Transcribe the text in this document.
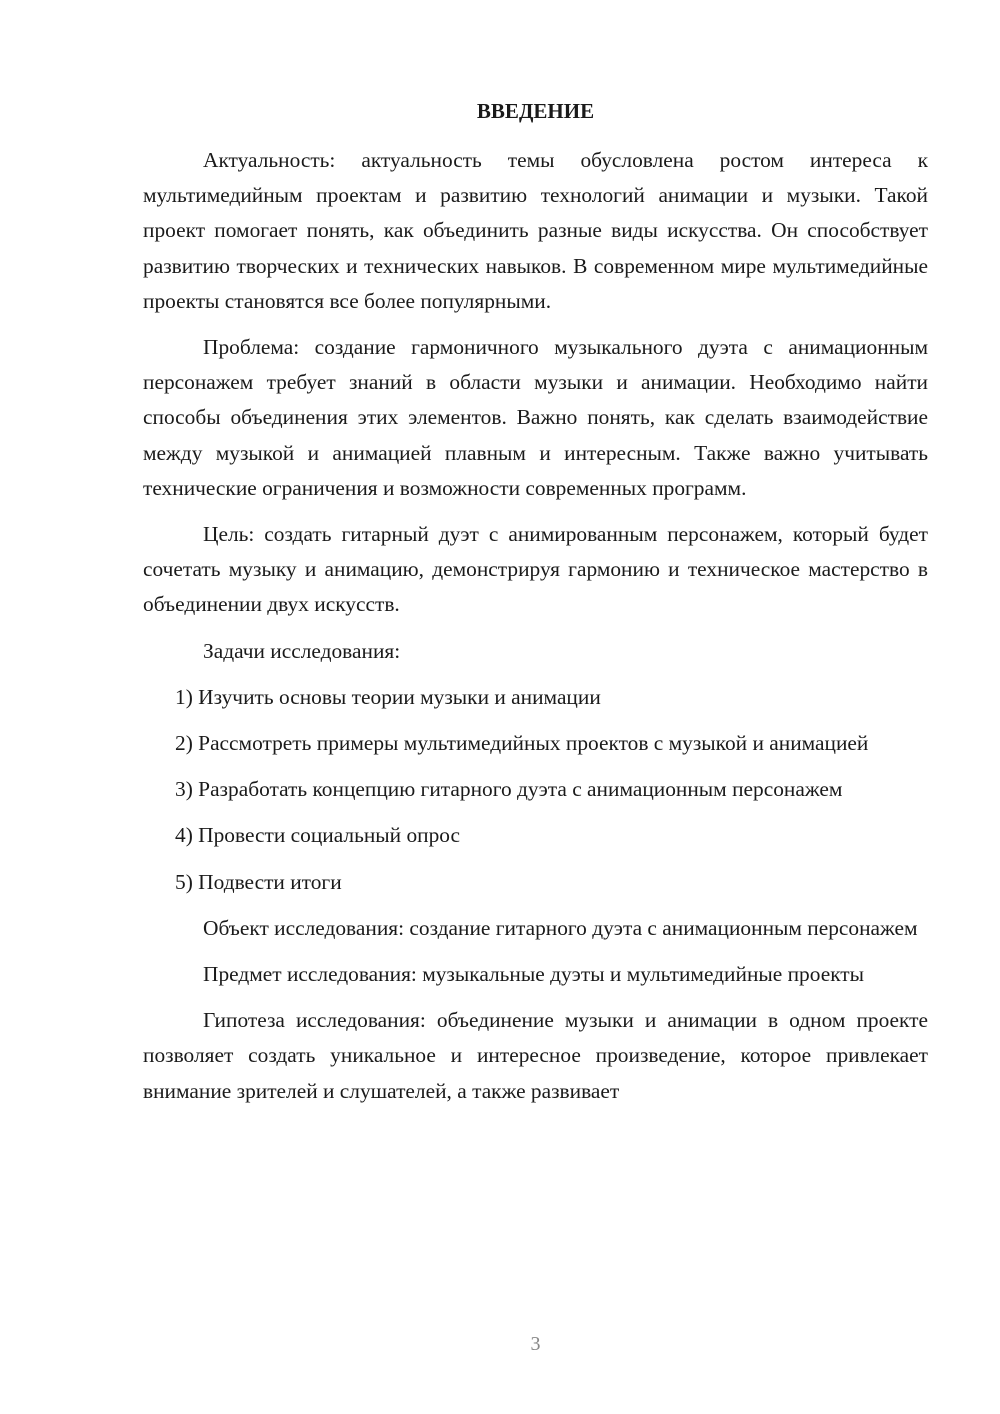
ВВЕДЕНИЕ

Актуальность: актуальность темы обусловлена ростом интереса к мультимедийным проектам и развитию технологий анимации и музыки. Такой проект помогает понять, как объединить разные виды искусства. Он способствует развитию творческих и технических навыков. В современном мире мультимедийные проекты становятся все более популярными.

Проблема: создание гармоничного музыкального дуэта с анимационным персонажем требует знаний в области музыки и анимации. Необходимо найти способы объединения этих элементов. Важно понять, как сделать взаимодействие между музыкой и анимацией плавным и интересным. Также важно учитывать технические ограничения и возможности современных программ.

Цель: создать гитарный дуэт с анимированным персонажем, который будет сочетать музыку и анимацию, демонстрируя гармонию и техническое мастерство в объединении двух искусств.

Задачи исследования:

1) Изучить основы теории музыки и анимации

2) Рассмотреть примеры мультимедийных проектов с музыкой и анимацией

3) Разработать концепцию гитарного дуэта с анимационным персонажем

4) Провести социальный опрос

5) Подвести итоги

Объект исследования: создание гитарного дуэта с анимационным персонажем

Предмет исследования: музыкальные дуэты и мультимедийные проекты

Гипотеза исследования: объединение музыки и анимации в одном проекте позволяет создать уникальное и интересное произведение, которое привлекает внимание зрителей и слушателей, а также развивает

3
